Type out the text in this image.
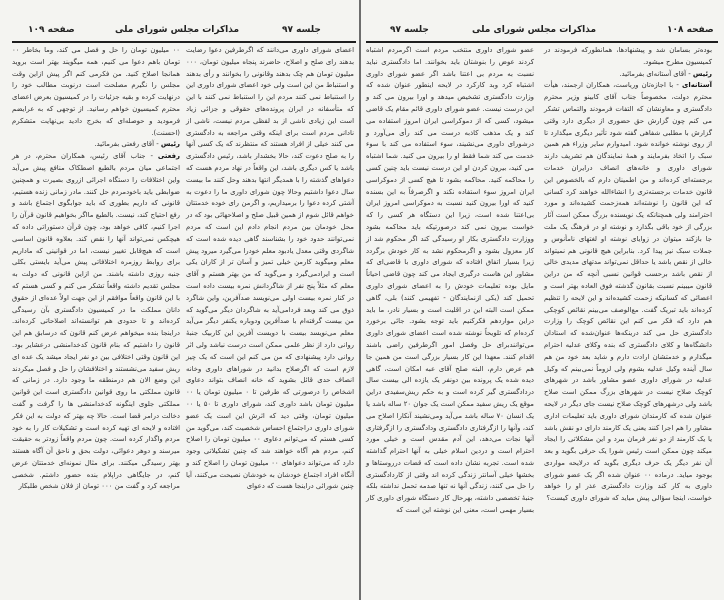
صفحه ۱۰۹	مذاکرات مجلس شورای ملی	جلسه ۹۷

اعضای شورای داوری می‌دانند که اگرطرفین دعوا رضایت بدهند رای صلح و اصلاح، حاضرند پنجاه میلیون تومان، ۰۰۰ میلیون تومان هم چک بدهند وقانونی را بخوانند و رأی بدهند و استنباط من این است ولی خود اعضای شورای داوری این را استنباط نمی کنند مردم این را استنباط نمی کنند با این که متأسفانه در ایران پرونده‌های حقوقی و جزائی زیاد است این زیادی ناشی از بد لفظی مردم نیست، ناشی از نادانی مردم است برای اینکه وقتی مراجعه به دادگستری می کنند خیلی از افراد هستند که منتظرند که یک کسی آنها را به صلح دعوت کند، حالا بخشدار باشد، رئیس دادگستری باشد یا کس دیگری باشد، این واقعاً در نهاد مردم هست که دعواهای گذشته را با همدیگر انتها بدهند وحل کنند ما بیست سال دعوا داشتیم وحالا چون شورای داوری ما را دعوت به آشتی کرده دعوا را برمیداریم، و اگرمن رای خوده خدمتتان خواهم قائل شوم از همین قبیل صلح و اصلاحهائی بود که در محل خودمان بین مردم انجام دادم این است که مردم نمی‌توانند حدود خود را بشناسند گاهی دیده شده است که شاگردی وقتی معدل یادبود معلم خودرا می‌گیرد میرود پیش معلم ومیگوید کارمن خیلی تمیز و آسان تر از کاران یکی است و ایرادمی‌گیرد و می‌گوید که من بهتر هستم و آقای معلم که مثلاً پنج نفر از شاگردانش نمره بیست داده است در کنار نمره بیست اولی می‌نویسد صدآفرین، واین شاگرد ذوق می کند وبعد فردامی‌آید به شاگردان دیگر می‌گوید که من بیست گرفته‌ام با صدآفرین ودوباره یکنفر دیگر می‌آید معلم می‌نویسد بیست با دویست آفرین این کاربیک جنبهٔ روانی دارد از نظر علمی ممکن است درست نباشد ولی اثر روانی دارد پیشنهادی که من می کنم این است که یک چیز لازم است که اگرصلاح بدانید در شوراهای داوری وخانه انصاف حدی قائل بشوید که خانه انصاف بتواند دعاوی اشخاص را درصورتی که طرفین تا ۰ میلیون تومان یا ۰۰ میلیون تومان باشد داوری کند، شورای داوری تا ۵۰ یا ۰۰ میلیون تومان، وقتی دید که اثرش این است یک عضو شورای داوری دراجتماع احساس شخصیت کند، می‌گوید من کسی هستم که می‌توانم دعاوی ۰۰ میلیون تومان را اصلاح کنم، مردم هم آگاه خواهند شد که چنین تشکیلاتی وجود دارد که می‌تواند دعواهای ۰۰ میلیون تومان را اصلاح کند و آنگاه افراد اجتماع خودشان به خودشان نصیحت می‌کنند، آیا چنین شورائی دراینجا هست که دعوای

۰۰ میلیون تومان را حل و فصل می کند، وما بخاطر ۰۰ تومان باهم دعوا می کنیم، همه میگویند بهتر است بروید همانجا اصلاح کنید. من فکرمی کنم اگر پیش ازاین وقت مجلس را نگیرم مصلحت است درنوبت مطالب خود را درنهایت کرده و بقیه جزئیات را در کمیسیون بعرض اعضای محترم کمیسیون خواهم رسانید. از توجهی که به عرایضم فرمودید و حوصله‌ای که بخرج دادید بی‌نهایت متشکرم (احسنت).

رئیس - آقای رفعتی بفرمائید.

رفعتی - جناب آقای رئیس، همکاران محترم، در هر اجتماعی میان مردم بالطبع اصطکاک منافع پیش می‌آید واین اختلافات را دستگاه اجرائی ازروی بصیرت و همچنین ضوابطی باید باخودمردم حل کنند. مادر زمانی زنده هستیم، قانونی که داریم بطوری که باید جوابگوی اجتماع باشد و رفع احتیاج کند، نیست. بالطبع مااگر بخواهیم قانون قرآن را اجرا کنیم، کافی خواهد بود، چون قرآن دستوراتی داده که هیچکس نمی‌تواند آنها را نقض کند. بعلاوه قانون اساسی است که هیچ‌قابل تغییر نیست، اما در قوانینی که ماداریم برای روابط روزمره اختلافاتی پیش می‌آید بایستی بکلی جنبه روزی داشته باشند. من ازاین قانونی که دولت به مجلس تقدیم داشته واقعاً تشکر می کنم و کسی هستم که با این قانون واقعاً موافقم از این جهت اولاً عده‌ای از حقوق دانان مملکت ما در کمیسیون دادگستری بآن رسیدگی کرده‌اند و تا حدودی هم توانسته‌اند اصلاحاتی کرده‌اند. دراینجا بنده میخواهم عرض کنم قانون که درسابق هم این قانون را داشتیم که بنام قانون کدخدامنشی درعشایر بود. این قانون وقتی اختلافی بین دو نفر ایجاد میشد یک عده ای ریش سفید می‌نشستند و اختلافشان را حل و فصل میکردند این وضع الان هم درمنطقه ما وجود دارد. در زمانی که قانون مملکتی ما روی قوانین دادگستری است این قوانین مملکتی جلوی اینگونه کدخدامنشی ها را گرفت و گفت دخالت درامر قضا است. حالا چه بهتر که دولت به این فکر افتاده و لایحه ای تهیه کرده است و تشکیلات کار را به خود مردم واگذار کرده است. چون مردم واقعاً زودتر به حقیقت میرسند و دوهر دعوائی، دولت بحق و ناحق آن آگاه هستند بهتر رسیدگی میکنند. برای مثال نمونه‌ای خدمتتان عرض کنم، در جایگاهی دراپلام بنده حضور داشتم. شخصی مراجعه کرد و گفت من ۰۰۰ تومان از فلان شخص طلبکار

جلسه ۹۷	مذاکرات مجلس شورای ملی	صفحه ۱۰۸

عضو شورای داوری منتخب مردم است اگرمردم اشتباه کردند عوض را بنوشتان باید بخوانند. اما دادگستری نباید نسبت به مردم بی اعتنا باشد اگر عضو شورای داوری اشتباه کرد وبد کارکرد در لایحه اینطور عنوان شده که وزارت دادگستری تشخیص میدهد و اورا بیرون می کند و این درست نیست. عضو شورای داوری قائم مقام یک قاضی میشود، کسی که از دموکراسی ایران امروز استفاده می کند و یک مذهب کاذبه درست می کند رأی می‌آورد و درشورای داوری می‌نشیند، سوء استفاده می کند با سوء خدمت می کند شما فقط او را بیرون می کنید. شما اشتباه می کنید، بیرون کردن او این درست نیست باید چنین کسی را محاکمه کنید. محاکمه بشود تا هیچ کسی از دموکراسی ایران امروز سوء استفاده نکند و اگرصرفاً به این بسنده کنید که اورا بیرون کنید نسبت به دموکراسی امروز ایران بی‌اعتنا شده است، زیرا این دستگاه هر کسی را که خواست بیرون نمی کند درصورتیکه باید محاکمه بشود ووزارت دادگستری بکار او رسیدگی کند اگر محکوم شد از کار معزول بشود و اگرمحکوم نشد به کار خودش برگردد زیرا بسیار اتفاق افتاده که شورای داوری با قاضی‌ای که مشاور این هاست درگیری ایجاد می کند چون قاضی احیاناً مایل بوده تعلیمات خودش را به اعضای شورای داوری تحمیل کند (یکی ازنمایندگان - تفهیمی کنند) بلی، گاهی ممکن است البته این در اقلیت است و بسیار نادر، ما باید دراین مواردهم فکرکنیم باید توجه بشود. جائی برخورد کرده‌ام که تلویحاً نوشته شده است اعضای شورای داوری می‌توانندبرای حل وفصل امور اگرطرفین راضی باشند اقدام کنند. معهذا این کار بسیار بزرگی است من همین جا هم عرض دارم، البته صلح آقای عبه امکان است، گاهی دیده شده یک پرونده بین دونفر یک یازده الی بیست سال دردادگستری گیر کرده است و به حکم ریش‌سفیدی دراین موقع یک ریش سفید ممکن است یک جوان ۲۰ ساله باشد یا یک انسان ۷۰ ساله باشد می‌آید ومی‌نشیند آنکارا اصلاح می کند، وآنها را ازگرفتاری دادگستری ودادگستری را ازگرفتاری آنها نجات می‌دهد، این آدم مقدس است و خیلی مورد احترام است و دردین اسلام خیلی به آنها احترام گذاشته شده است. تجربه نشان داده است که قضات درروستاها و بخشها خیلی آسانتر زندگی کرده اند وقتی از کاردادگستری را حل می کنند، زندگی آنها نه تنها صدمه تحمل نداشته بلکه جنبهٔ تخصصی داشته، بهرحال کار دستگاه شورای داوری کار بسیار مهمی است، معنی این نوشته این است که

بوده‌تر بسامان شد و پیشنهادها، همانطورکه فرمودند در کمیسیون مطرح میشود.

رئیس - آقای آستانه‌ای بفرمائید.

آستانه‌ای - با اجازه‌تان وریاست، همکاران ارجمند، هیأت محترم دولت، مخصوصاً جناب آقای کابینو وزیر محترم دادگستری و معاونشان که التفات فرمودند والتماس تشکر می کنم چون گزارش حق حضوری از دیگری دارد وقتی گزارش با مطلبی شفاهی گفته شود تأثیر دیگری میگذارد تا از روی نوشته خوانده شود. امیدوارم سایر وزراء هم همین سبک را اتخاذ بفرمایند و همهٔ نمایندگان هم تشریف دارند شورای داوری و خانه‌های انصاف درایران خدمات برجسته‌ای کرده‌اند و من اطمینان دارم که بالخصوص این قانون خدمات برجسته‌تری را انشاءالله خواهند کرد کسانی که این قانون را نوشته‌اند همه‌زحمت کشیده‌اند و مورد احترامند ولی همچنانکه یک نویسنده بزرگ ممکن است آثار بزرگی از خود باقی بگذارد و نوشته او در فرهنگ یک ملت جا بازکند میتوان در زوایای نوشته او لغتهای نامأنوس و جملات سبک نیز پیدا کرد. بنابراین هیچ قانونی هم نمیتواند خالی از نقص باشد یا حداقل نمی‌تواند مدتهای مدیدی خالی از نقص باشد برحسب قوانین نسبی آنچه که من دراین قانون میبینم نسبت بقانون گذشته فوق العاده بهتر است و اعضائی که کسانیکه زحمت کشیده‌اند و این لایحه را تنظیم کرده‌اند باید تبریک گفت. مع‌الوصف می‌بینم نقائص کوچکی هم دارد که فکر می کنم این نقائص کوچک را وزارت دادگستری حل می کند درینکه‌ها عنوان‌شده که استادان دانشگاه‌ها و کلای دادگستری که بنده وکلای عدلیه احترام میگذارم و خدمتشان ارادت دارم و شاید بعد خود من هم سال آینده وکیل عدلیه بشوم ولی لزوماً نمی‌بینم که وکیل عدلیه در شورای داوری عضو مشاور باشد در شهرهای کوچک صلاح نیست در شهرهای بزرگ ممکن است صلاح باشد ولی درشهرهای کوچک صلاح نیست جای دیگر در لایحه عنوان شده که کارمندان شورای داوری باید تعلیمات اداری مشاور را هم اجرا کنند یعنی یک کارمند دارای دو نقش باشد یا یک کارمند از دو نفر فرمان ببرد و این مشکلاتی را ایجاد میکند چون ممکن است رئیس شورا یک حرفی بگوید و بعد آن نفر دیگر یک حرف دیگری بگوید که درلایحه مواردی بوجود میاید. درماده ۰۰ عنوان شده اگر یک عضو شورای داوری به کار کند وزارت دادگستری عذر او را خواهد خواست، اینجا سؤالی پیش میاید که شورای داوری کیست؟
